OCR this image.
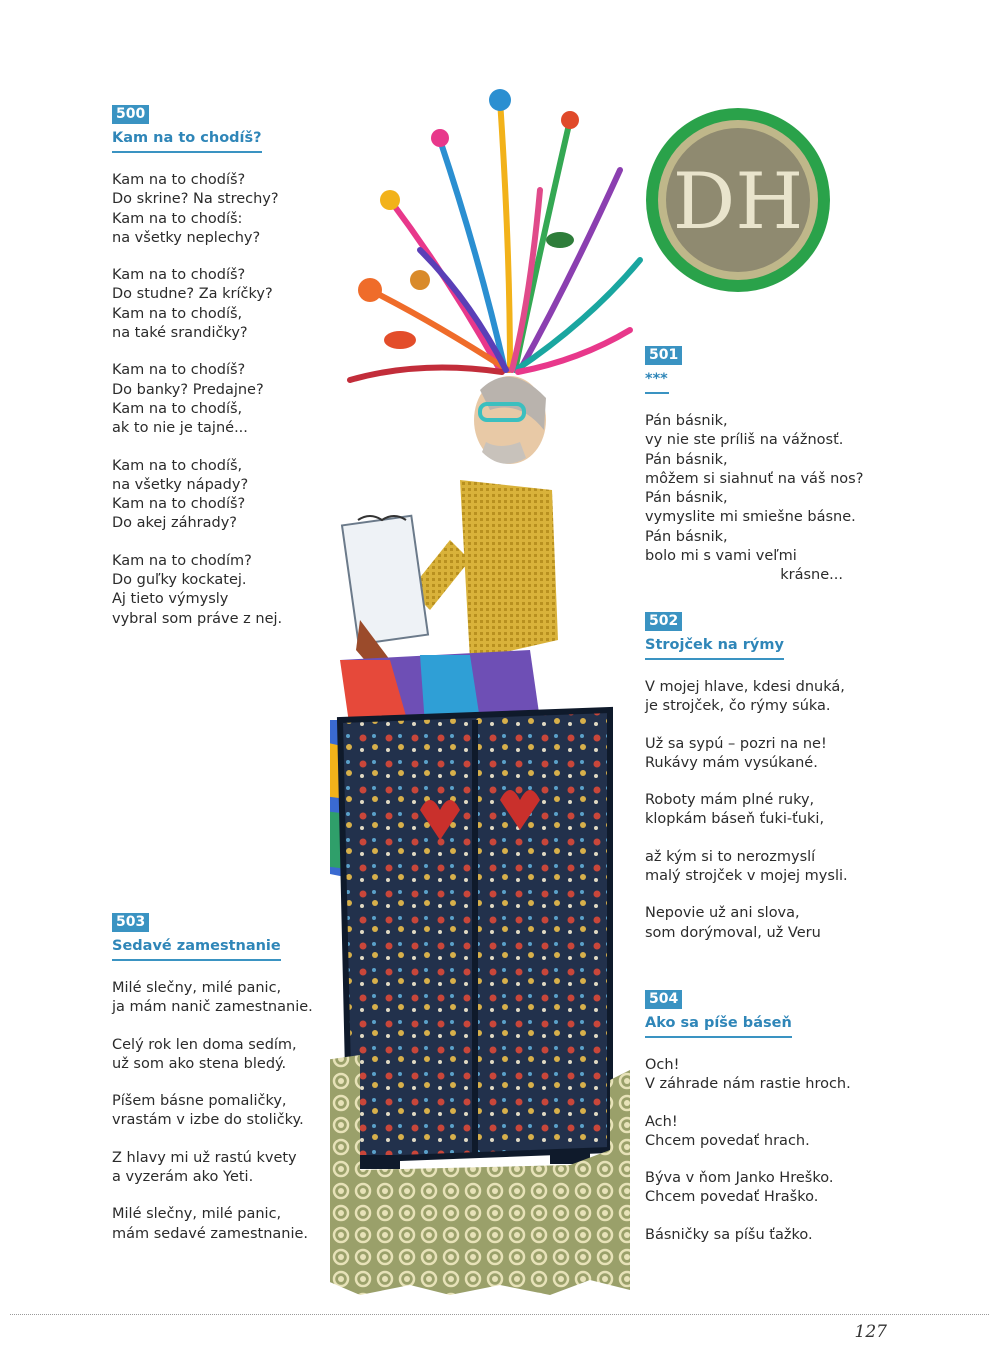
500
Kam na to chodíš?
Kam na to chodíš?
Do skrine? Na strechy?
Kam na to chodíš:
na všetky neplechy?
Kam na to chodíš?
Do studne? Za kríčky?
Kam na to chodíš,
na také srandičky?
Kam na to chodíš?
Do banky? Predajne?
Kam na to chodíš,
ak to nie je tajné...
Kam na to chodíš,
na všetky nápady?
Kam na to chodíš?
Do akej záhrady?
Kam na to chodím?
Do guľky kockatej.
Aj tieto výmysly
vybral som práve z nej.
501
***
Pán básnik,
vy nie ste príliš na vážnosť.
Pán básnik,
môžem si siahnuť na váš nos?
Pán básnik,
vymyslite mi smiešne básne.
Pán básnik,
bolo mi s vami veľmi
krásne...
502
Strojček na rýmy
V mojej hlave, kdesi dnuká,
je strojček, čo rýmy súka.
Už sa sypú – pozri na ne!
Rukávy mám vysúkané.
Roboty mám plné ruky,
klopkám báseň ťuki-ťuki,
až kým si to nerozmyslí
malý strojček v mojej mysli.
Nepovie už ani slova,
som dorýmoval, už Veru
503
Sedavé zamestnanie
Milé slečny, milé panic,
ja mám nanič zamestnanie.
Celý rok len doma sedím,
už som ako stena bledý.
Píšem básne pomaličky,
vrastám v izbe do stoličky.
Z hlavy mi už rastú kvety
a vyzerám ako Yeti.
Milé slečny, milé panic,
mám sedavé zamestnanie.
504
Ako sa píše báseň
Och!
V záhrade nám rastie hroch.
Ach!
Chcem povedať hrach.
Býva v ňom Janko Hreško.
Chcem povedať Hraško.
Básničky sa píšu ťažko.
DH
127
